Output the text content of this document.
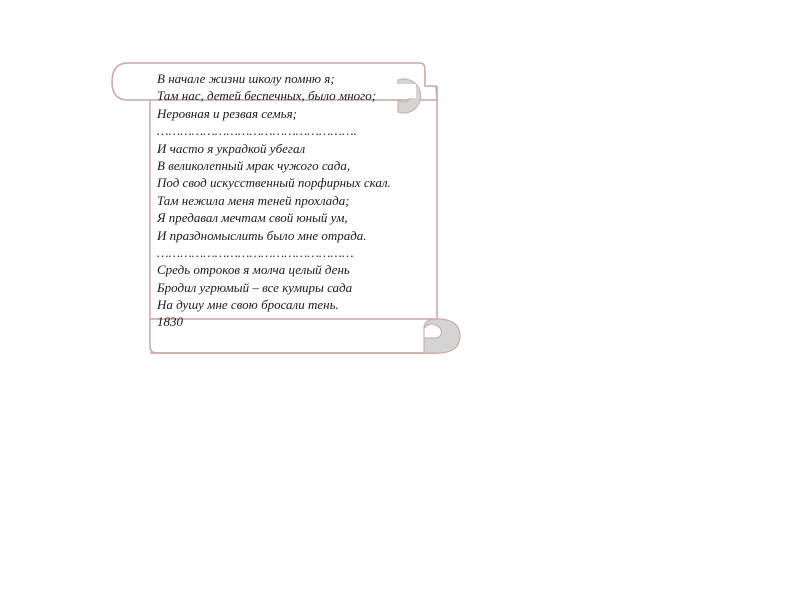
В начале жизни школу помню я;
Там нас, детей беспечных, было много;
Неровная и резвая семья;
…………………………………………….
И часто я украдкой убегал
В великолепный мрак чужого сада,
Под свод искусственный порфирных скал.
Там нежила меня теней прохлада;
Я предавал мечтам свой юный ум,
И праздномыслить было мне отрада.
……………………………………………
Средь отроков я молча целый день
Бродил угрюмый – все кумиры сада
На душу мне свою бросали тень.
1830
